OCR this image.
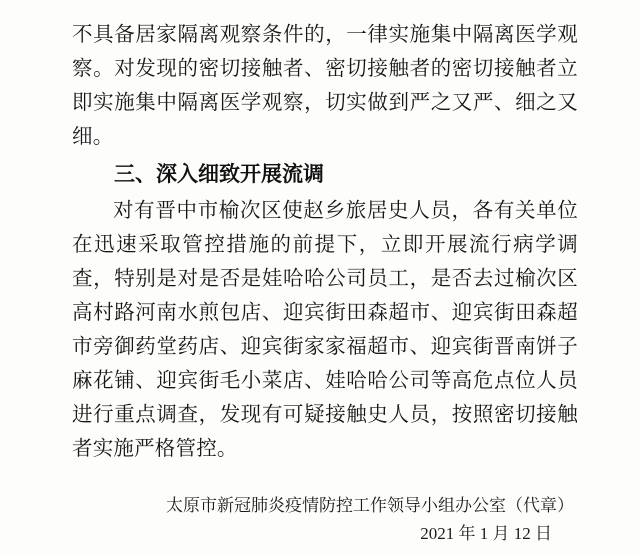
不具备居家隔离观察条件的，一律实施集中隔离医学观察。对发现的密切接触者、密切接触者的密切接触者立即实施集中隔离医学观察，切实做到严之又严、细之又细。

三、深入细致开展流调

对有晋中市榆次区使赵乡旅居史人员，各有关单位在迅速采取管控措施的前提下，立即开展流行病学调查，特别是对是否是娃哈哈公司员工，是否去过榆次区高村路河南水煎包店、迎宾街田森超市、迎宾街田森超市旁御药堂药店、迎宾街家家福超市、迎宾街晋南饼子麻花铺、迎宾街毛小菜店、娃哈哈公司等高危点位人员进行重点调查，发现有可疑接触史人员，按照密切接触者实施严格管控。

太原市新冠肺炎疫情防控工作领导小组办公室（代章）
2021 年 1 月 12 日
